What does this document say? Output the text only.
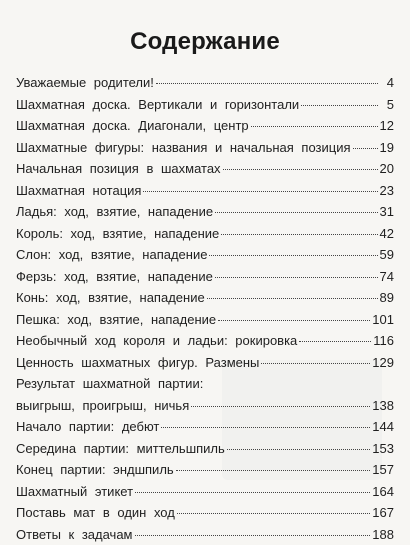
Содержание
Уважаемые родители!	4
Шахматная доска. Вертикали и горизонтали	5
Шахматная доска. Диагонали, центр	12
Шахматные фигуры: названия и начальная позиция 19
Начальная позиция в шахматах	20
Шахматная нотация	23
Ладья: ход, взятие, нападение	31
Король: ход, взятие, нападение	42
Слон: ход, взятие, нападение	59
Ферзь: ход, взятие, нападение	74
Конь: ход, взятие, нападение	89
Пешка: ход, взятие, нападение	101
Необычный ход короля и ладьи: рокировка	116
Ценность шахматных фигур. Размены	129
Результат шахматной партии:
выигрыш, проигрыш, ничья	138
Начало партии: дебют	144
Середина партии: миттельшпиль	153
Конец партии: эндшпиль	157
Шахматный этикет	164
Поставь мат в один ход	167
Ответы к задачам	188
